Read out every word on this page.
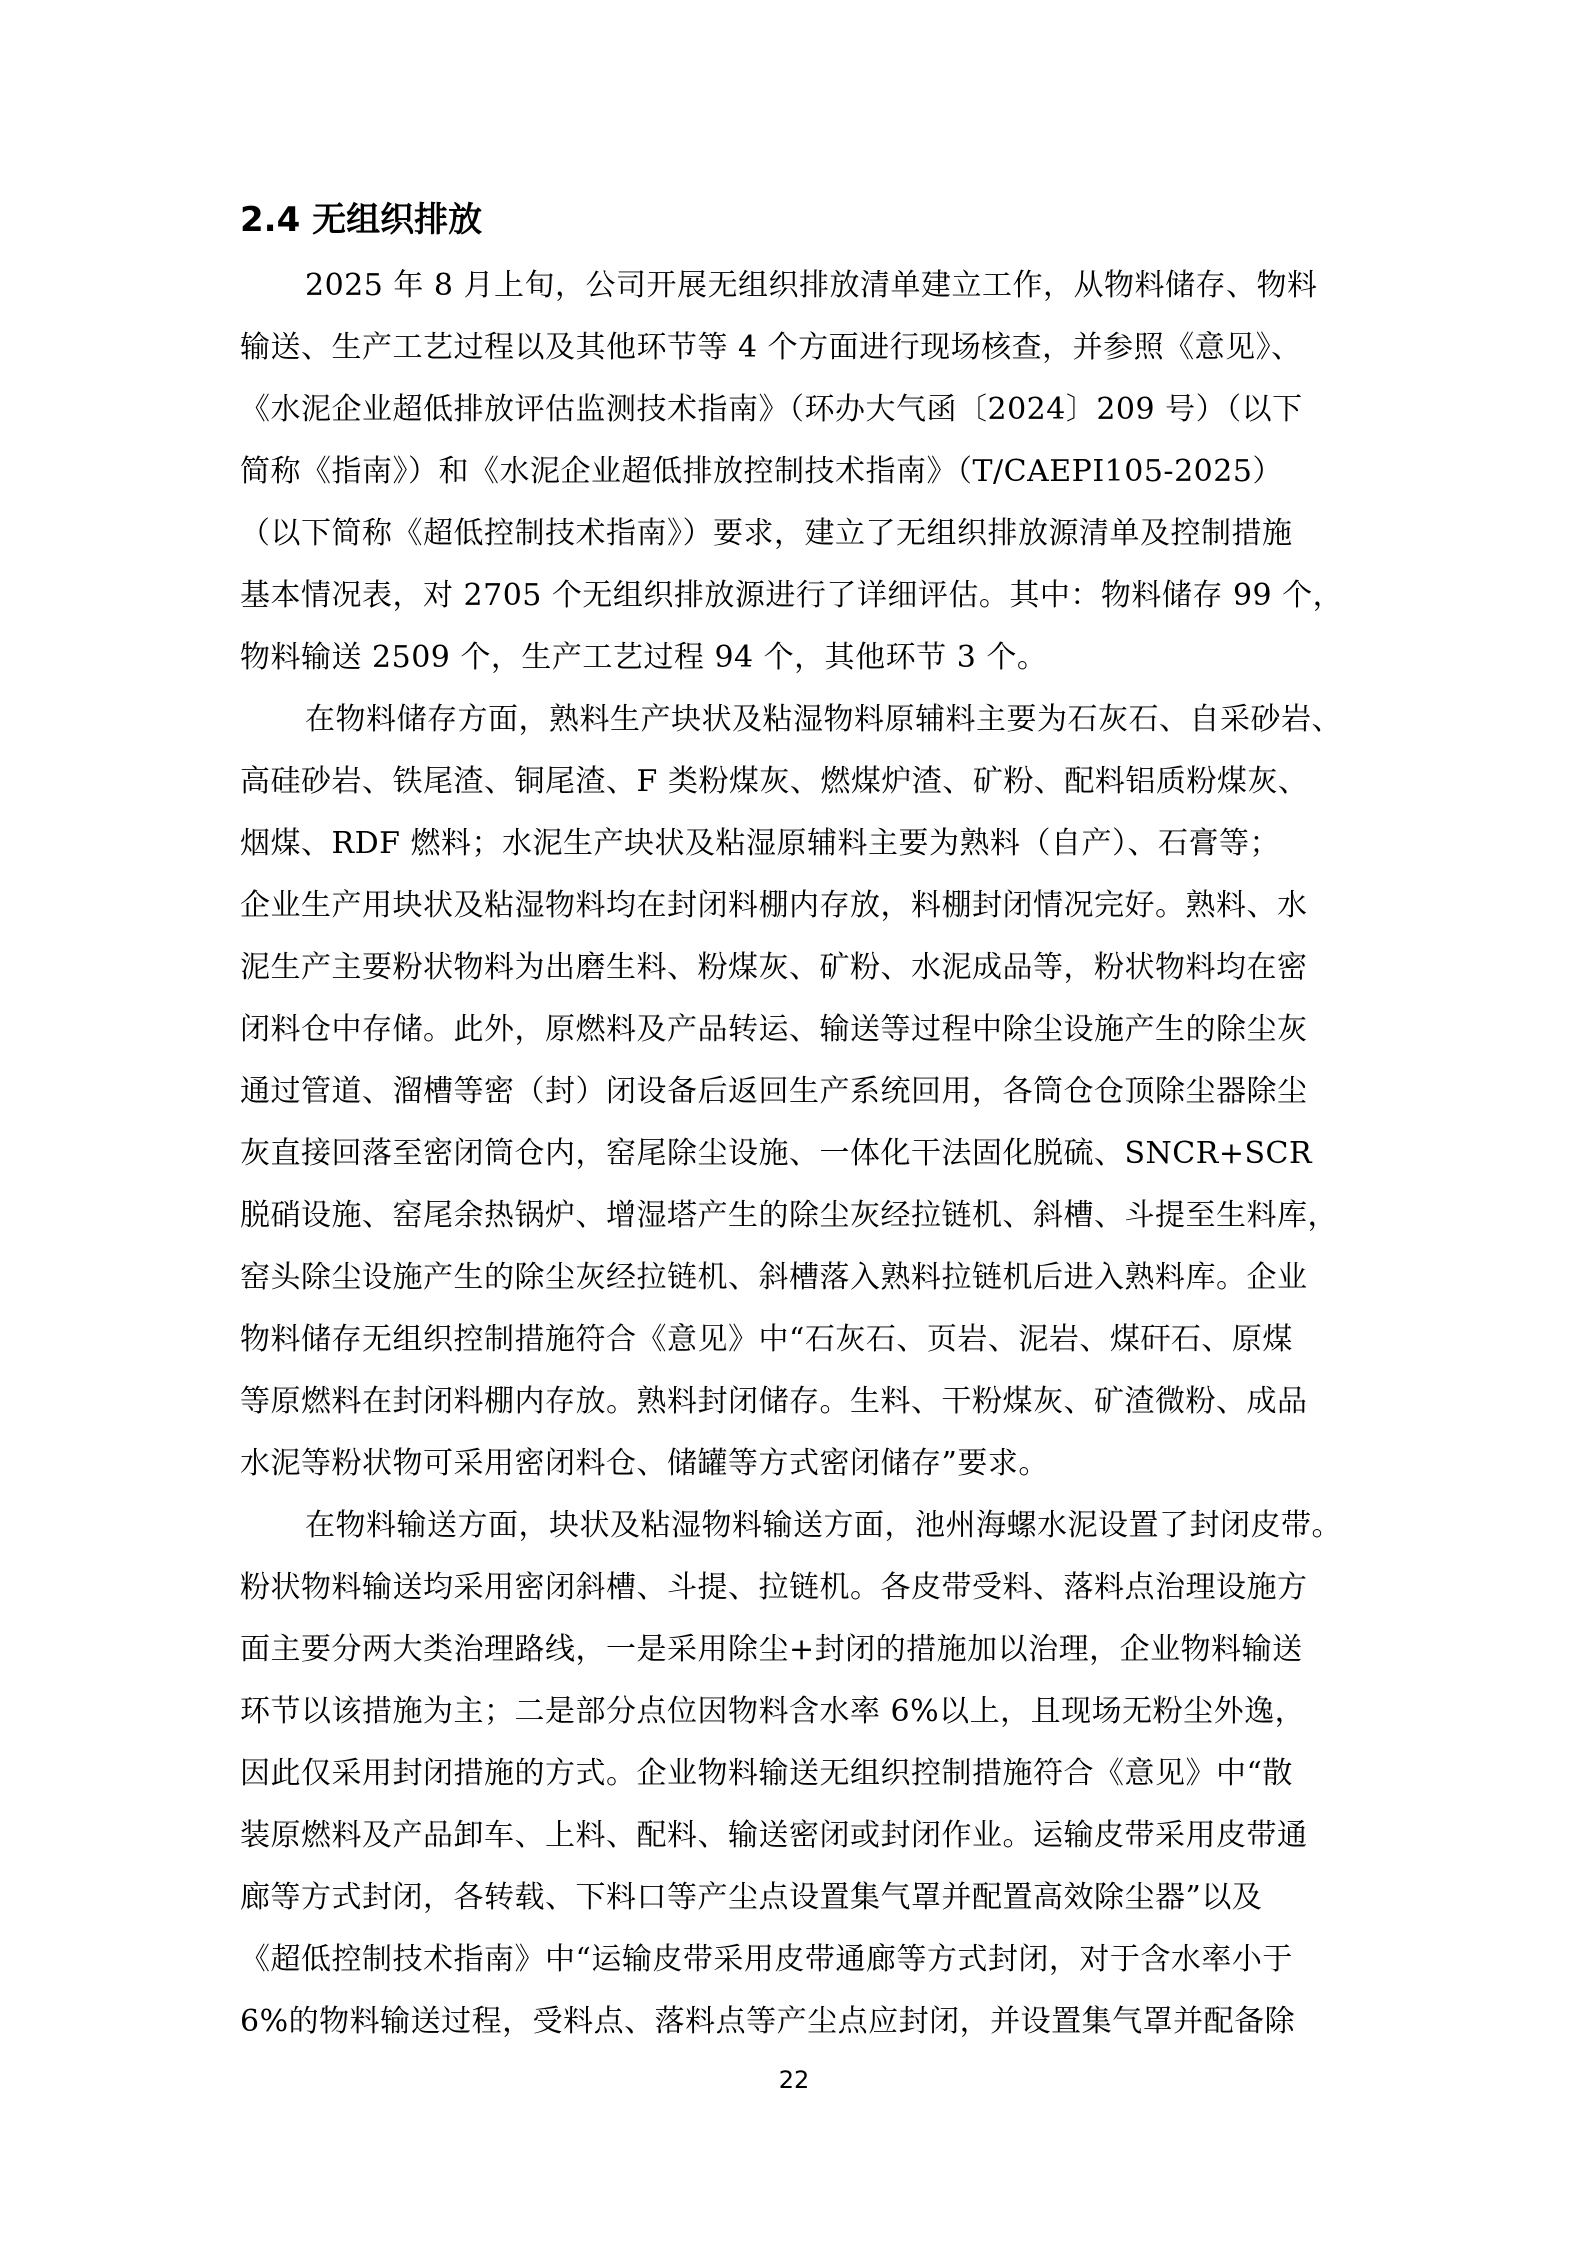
2.4 无组织排放
2025 年 8 月上旬，公司开展无组织排放清单建立工作，从物料储存、物料
输送、生产工艺过程以及其他环节等 4 个方面进行现场核查，并参照《意见》、
《水泥企业超低排放评估监测技术指南》（环办大气函〔2024〕209 号）（以下
简称《指南》）和《水泥企业超低排放控制技术指南》（T/CAEPI105-2025）
（以下简称《超低控制技术指南》）要求，建立了无组织排放源清单及控制措施
基本情况表，对 2705 个无组织排放源进行了详细评估。其中：物料储存 99 个，
物料输送 2509 个，生产工艺过程 94 个，其他环节 3 个。
在物料储存方面，熟料生产块状及粘湿物料原辅料主要为石灰石、自采砂岩、
高硅砂岩、铁尾渣、铜尾渣、F 类粉煤灰、燃煤炉渣、矿粉、配料铝质粉煤灰、
烟煤、RDF 燃料；水泥生产块状及粘湿原辅料主要为熟料（自产）、石膏等；
企业生产用块状及粘湿物料均在封闭料棚内存放，料棚封闭情况完好。熟料、水
泥生产主要粉状物料为出磨生料、粉煤灰、矿粉、水泥成品等，粉状物料均在密
闭料仓中存储。此外，原燃料及产品转运、输送等过程中除尘设施产生的除尘灰
通过管道、溜槽等密（封）闭设备后返回生产系统回用，各筒仓仓顶除尘器除尘
灰直接回落至密闭筒仓内，窑尾除尘设施、一体化干法固化脱硫、SNCR+SCR
脱硝设施、窑尾余热锅炉、增湿塔产生的除尘灰经拉链机、斜槽、斗提至生料库，
窑头除尘设施产生的除尘灰经拉链机、斜槽落入熟料拉链机后进入熟料库。企业
物料储存无组织控制措施符合《意见》中“石灰石、页岩、泥岩、煤矸石、原煤
等原燃料在封闭料棚内存放。熟料封闭储存。生料、干粉煤灰、矿渣微粉、成品
水泥等粉状物可采用密闭料仓、储罐等方式密闭储存”要求。
在物料输送方面，块状及粘湿物料输送方面，池州海螺水泥设置了封闭皮带。
粉状物料输送均采用密闭斜槽、斗提、拉链机。各皮带受料、落料点治理设施方
面主要分两大类治理路线，一是采用除尘+封闭的措施加以治理，企业物料输送
环节以该措施为主；二是部分点位因物料含水率 6%以上，且现场无粉尘外逸，
因此仅采用封闭措施的方式。企业物料输送无组织控制措施符合《意见》中“散
装原燃料及产品卸车、上料、配料、输送密闭或封闭作业。运输皮带采用皮带通
廊等方式封闭，各转载、下料口等产尘点设置集气罩并配置高效除尘器”以及
《超低控制技术指南》中“运输皮带采用皮带通廊等方式封闭，对于含水率小于
6%的物料输送过程，受料点、落料点等产尘点应封闭，并设置集气罩并配备除
22
